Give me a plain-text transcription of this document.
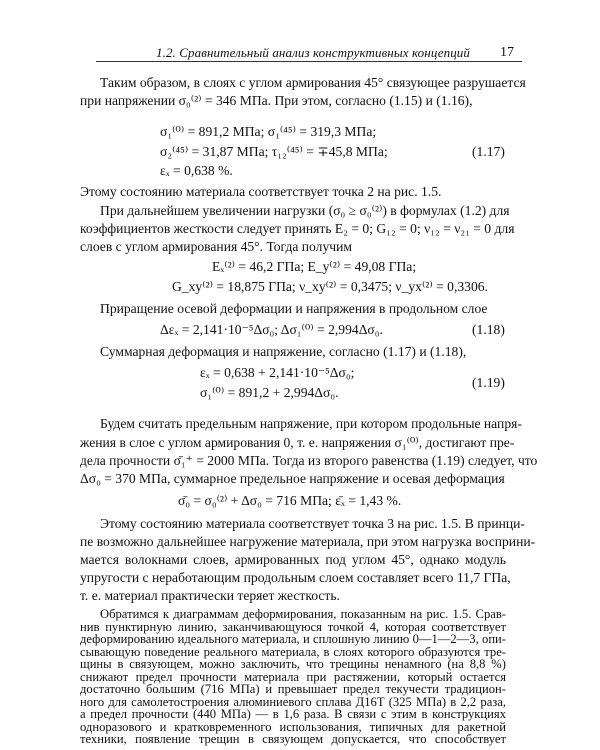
1.2. Сравнительный анализ конструктивных концепций 17
Таким образом, в слоях с углом армирования 45° связующее разрушается
при напряжении σ₀⁽²⁾ = 346 МПа. При этом, согласно (1.15) и (1.16),
σ₁⁽⁰⁾ = 891,2 МПа; σ₁⁽⁴⁵⁾ = 319,3 МПа;
σ₂⁽⁴⁵⁾ = 31,87 МПа; τ₁₂⁽⁴⁵⁾ = ∓45,8 МПа;
εₓ = 0,638 %.
(1.17)
Этому состоянию материала соответствует точка 2 на рис. 1.5.
При дальнейшем увеличении нагрузки (σ₀ ≥ σ₀⁽²⁾) в формулах (1.2) для
коэффициентов жесткости следует принять E₂ = 0; G₁₂ = 0; ν₁₂ = ν₂₁ = 0 для
слоев с углом армирования 45°. Тогда получим
Eₓ⁽²⁾ = 46,2 ГПа; E_y⁽²⁾ = 49,08 ГПа;
G_xy⁽²⁾ = 18,875 ГПа; ν_xy⁽²⁾ = 0,3475; ν_yx⁽²⁾ = 0,3306.
Приращение осевой деформации и напряжения в продольном слое
Δεₓ = 2,141·10⁻⁵Δσ₀; Δσ₁⁽⁰⁾ = 2,994Δσ₀.	(1.18)
Суммарная деформация и напряжение, согласно (1.17) и (1.18),
εₓ = 0,638 + 2,141·10⁻⁵Δσ₀;
σ₁⁽⁰⁾ = 891,2 + 2,994Δσ₀.
(1.19)
Будем считать предельным напряжение, при котором продольные напря-
жения в слое с углом армирования 0, т. е. напряжения σ₁⁽⁰⁾, достигают пре-
дела прочности σ̄₁⁺ = 2000 МПа. Тогда из второго равенства (1.19) следует, что
Δσ₀ = 370 МПа, суммарное предельное напряжение и осевая деформация
σ̄₀ = σ₀⁽²⁾ + Δσ₀ = 716 МПа; ε̄ₓ = 1,43 %.
Этому состоянию материала соответствует точка 3 на рис. 1.5. В принци-
пе возможно дальнейшее нагружение материала, при этом нагрузка восприни-
мается волокнами слоев, армированных под углом 45°, однако модуль
упругости с неработающим продольным слоем составляет всего 11,7 ГПа,
т. е. материал практически теряет жесткость.
Обратимся к диаграммам деформирования, показанным на рис. 1.5. Срав-
нив пунктирную линию, заканчивающуюся точкой 4, которая соответствует
деформированию идеального материала, и сплошную линию 0—1—2—3, опи-
сывающую поведение реального материала, в слоях которого образуются тре-
щины в связующем, можно заключить, что трещины ненамного (на 8,8 %)
снижают предел прочности материала при растяжении, который остается
достаточно большим (716 МПа) и превышает предел текучести традицион-
ного для самолетостроения алюминиевого сплава Д16Т (325 МПа) в 2,2 раза,
а предел прочности (440 МПа) — в 1,6 раза. В связи с этим в конструкциях
одноразового и кратковременного использования, типичных для ракетной
техники, появление трещин в связующем допускается, что способствует
